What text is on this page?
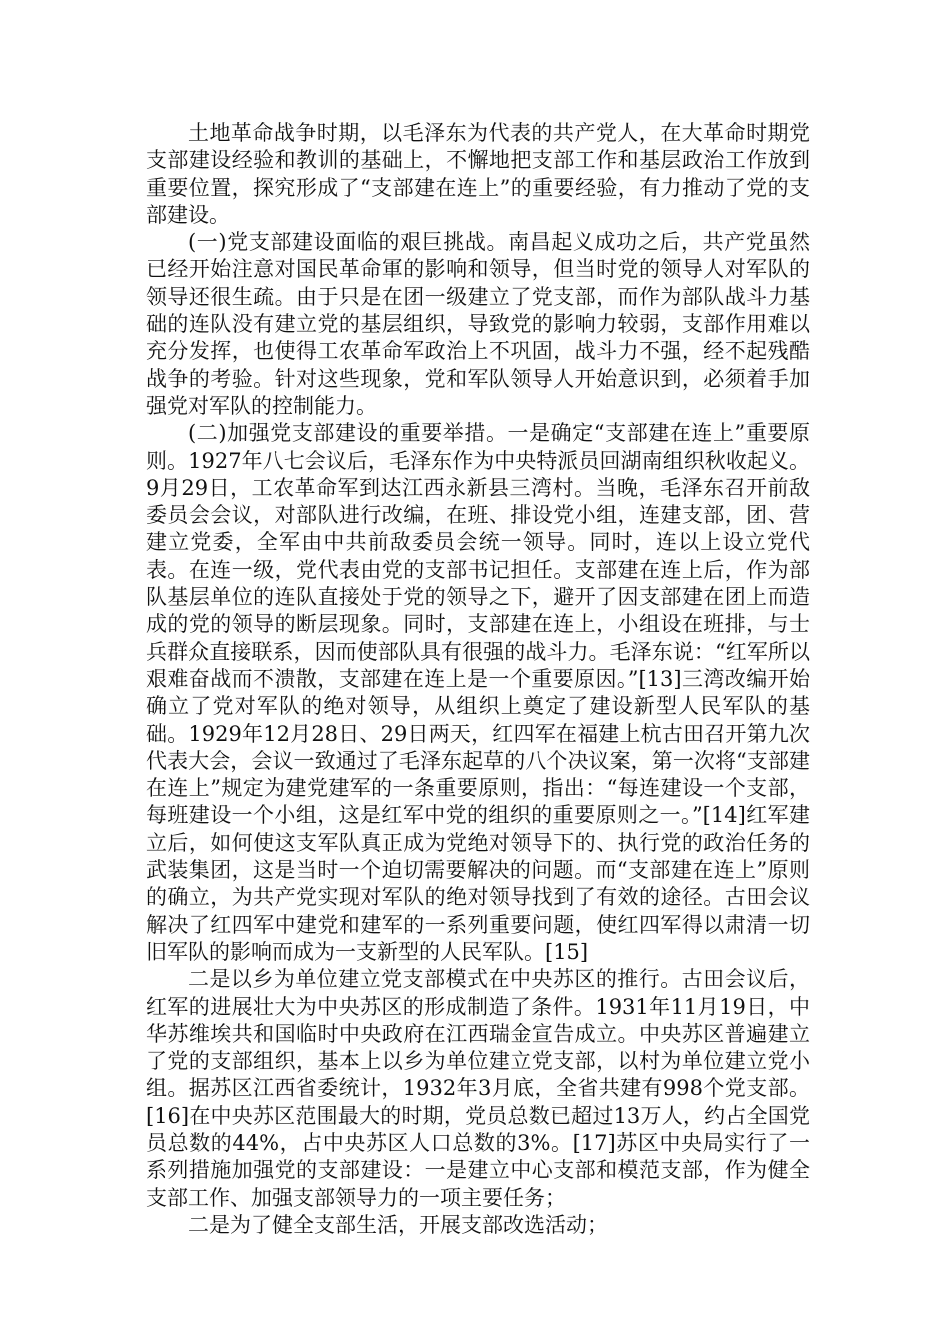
土地革命战争时期，以毛泽东为代表的共产党人，在大革命时期党支部建设经验和教训的基础上，不懈地把支部工作和基层政治工作放到重要位置，探究形成了“支部建在连上”的重要经验，有力推动了党的支部建设。

(一)党支部建设面临的艰巨挑战。南昌起义成功之后，共产党虽然已经开始注意对国民革命軍的影响和领导，但当时党的领导人对军队的领导还很生疏。由于只是在团一级建立了党支部，而作为部队战斗力基础的连队没有建立党的基层组织，导致党的影响力较弱，支部作用难以充分发挥，也使得工农革命军政治上不巩固，战斗力不强，经不起残酷战争的考验。针对这些现象，党和军队领导人开始意识到，必须着手加强党对军队的控制能力。

(二)加强党支部建设的重要举措。一是确定“支部建在连上”重要原则。1927年八七会议后，毛泽东作为中央特派员回湖南组织秋收起义。9月29日，工农革命军到达江西永新县三湾村。当晚，毛泽东召开前敌委员会会议，对部队进行改编，在班、排设党小组，连建支部，团、营建立党委，全军由中共前敌委员会统一领导。同时，连以上设立党代表。在连一级，党代表由党的支部书记担任。支部建在连上后，作为部队基层单位的连队直接处于党的领导之下，避开了因支部建在团上而造成的党的领导的断层现象。同时，支部建在连上，小组设在班排，与士兵群众直接联系，因而使部队具有很强的战斗力。毛泽东说：“红军所以艰难奋战而不溃散，支部建在连上是一个重要原因。”[13]三湾改编开始确立了党对军队的绝对领导，从组织上奠定了建设新型人民军队的基础。1929年12月28日、29日两天，红四军在福建上杭古田召开第九次代表大会，会议一致通过了毛泽东起草的八个决议案，第一次将“支部建在连上”规定为建党建军的一条重要原则，指出：“每连建设一个支部，每班建设一个小组，这是红军中党的组织的重要原则之一。”[14]红军建立后，如何使这支军队真正成为党绝对领导下的、执行党的政治任务的武装集团，这是当时一个迫切需要解决的问题。而“支部建在连上”原则的确立，为共产党实现对军队的绝对领导找到了有效的途径。古田会议解决了红四军中建党和建军的一系列重要问题，使红四军得以肃清一切旧军队的影响而成为一支新型的人民军队。[15]

二是以乡为单位建立党支部模式在中央苏区的推行。古田会议后，红军的进展壮大为中央苏区的形成制造了条件。1931年11月19日，中华苏维埃共和国临时中央政府在江西瑞金宣告成立。中央苏区普遍建立了党的支部组织，基本上以乡为单位建立党支部，以村为单位建立党小组。据苏区江西省委统计，1932年3月底，全省共建有998个党支部。[16]在中央苏区范围最大的时期，党员总数已超过13万人，约占全国党员总数的44%，占中央苏区人口总数的3%。[17]苏区中央局实行了一系列措施加强党的支部建设：一是建立中心支部和模范支部，作为健全支部工作、加强支部领导力的一项主要任务；

二是为了健全支部生活，开展支部改选活动；
